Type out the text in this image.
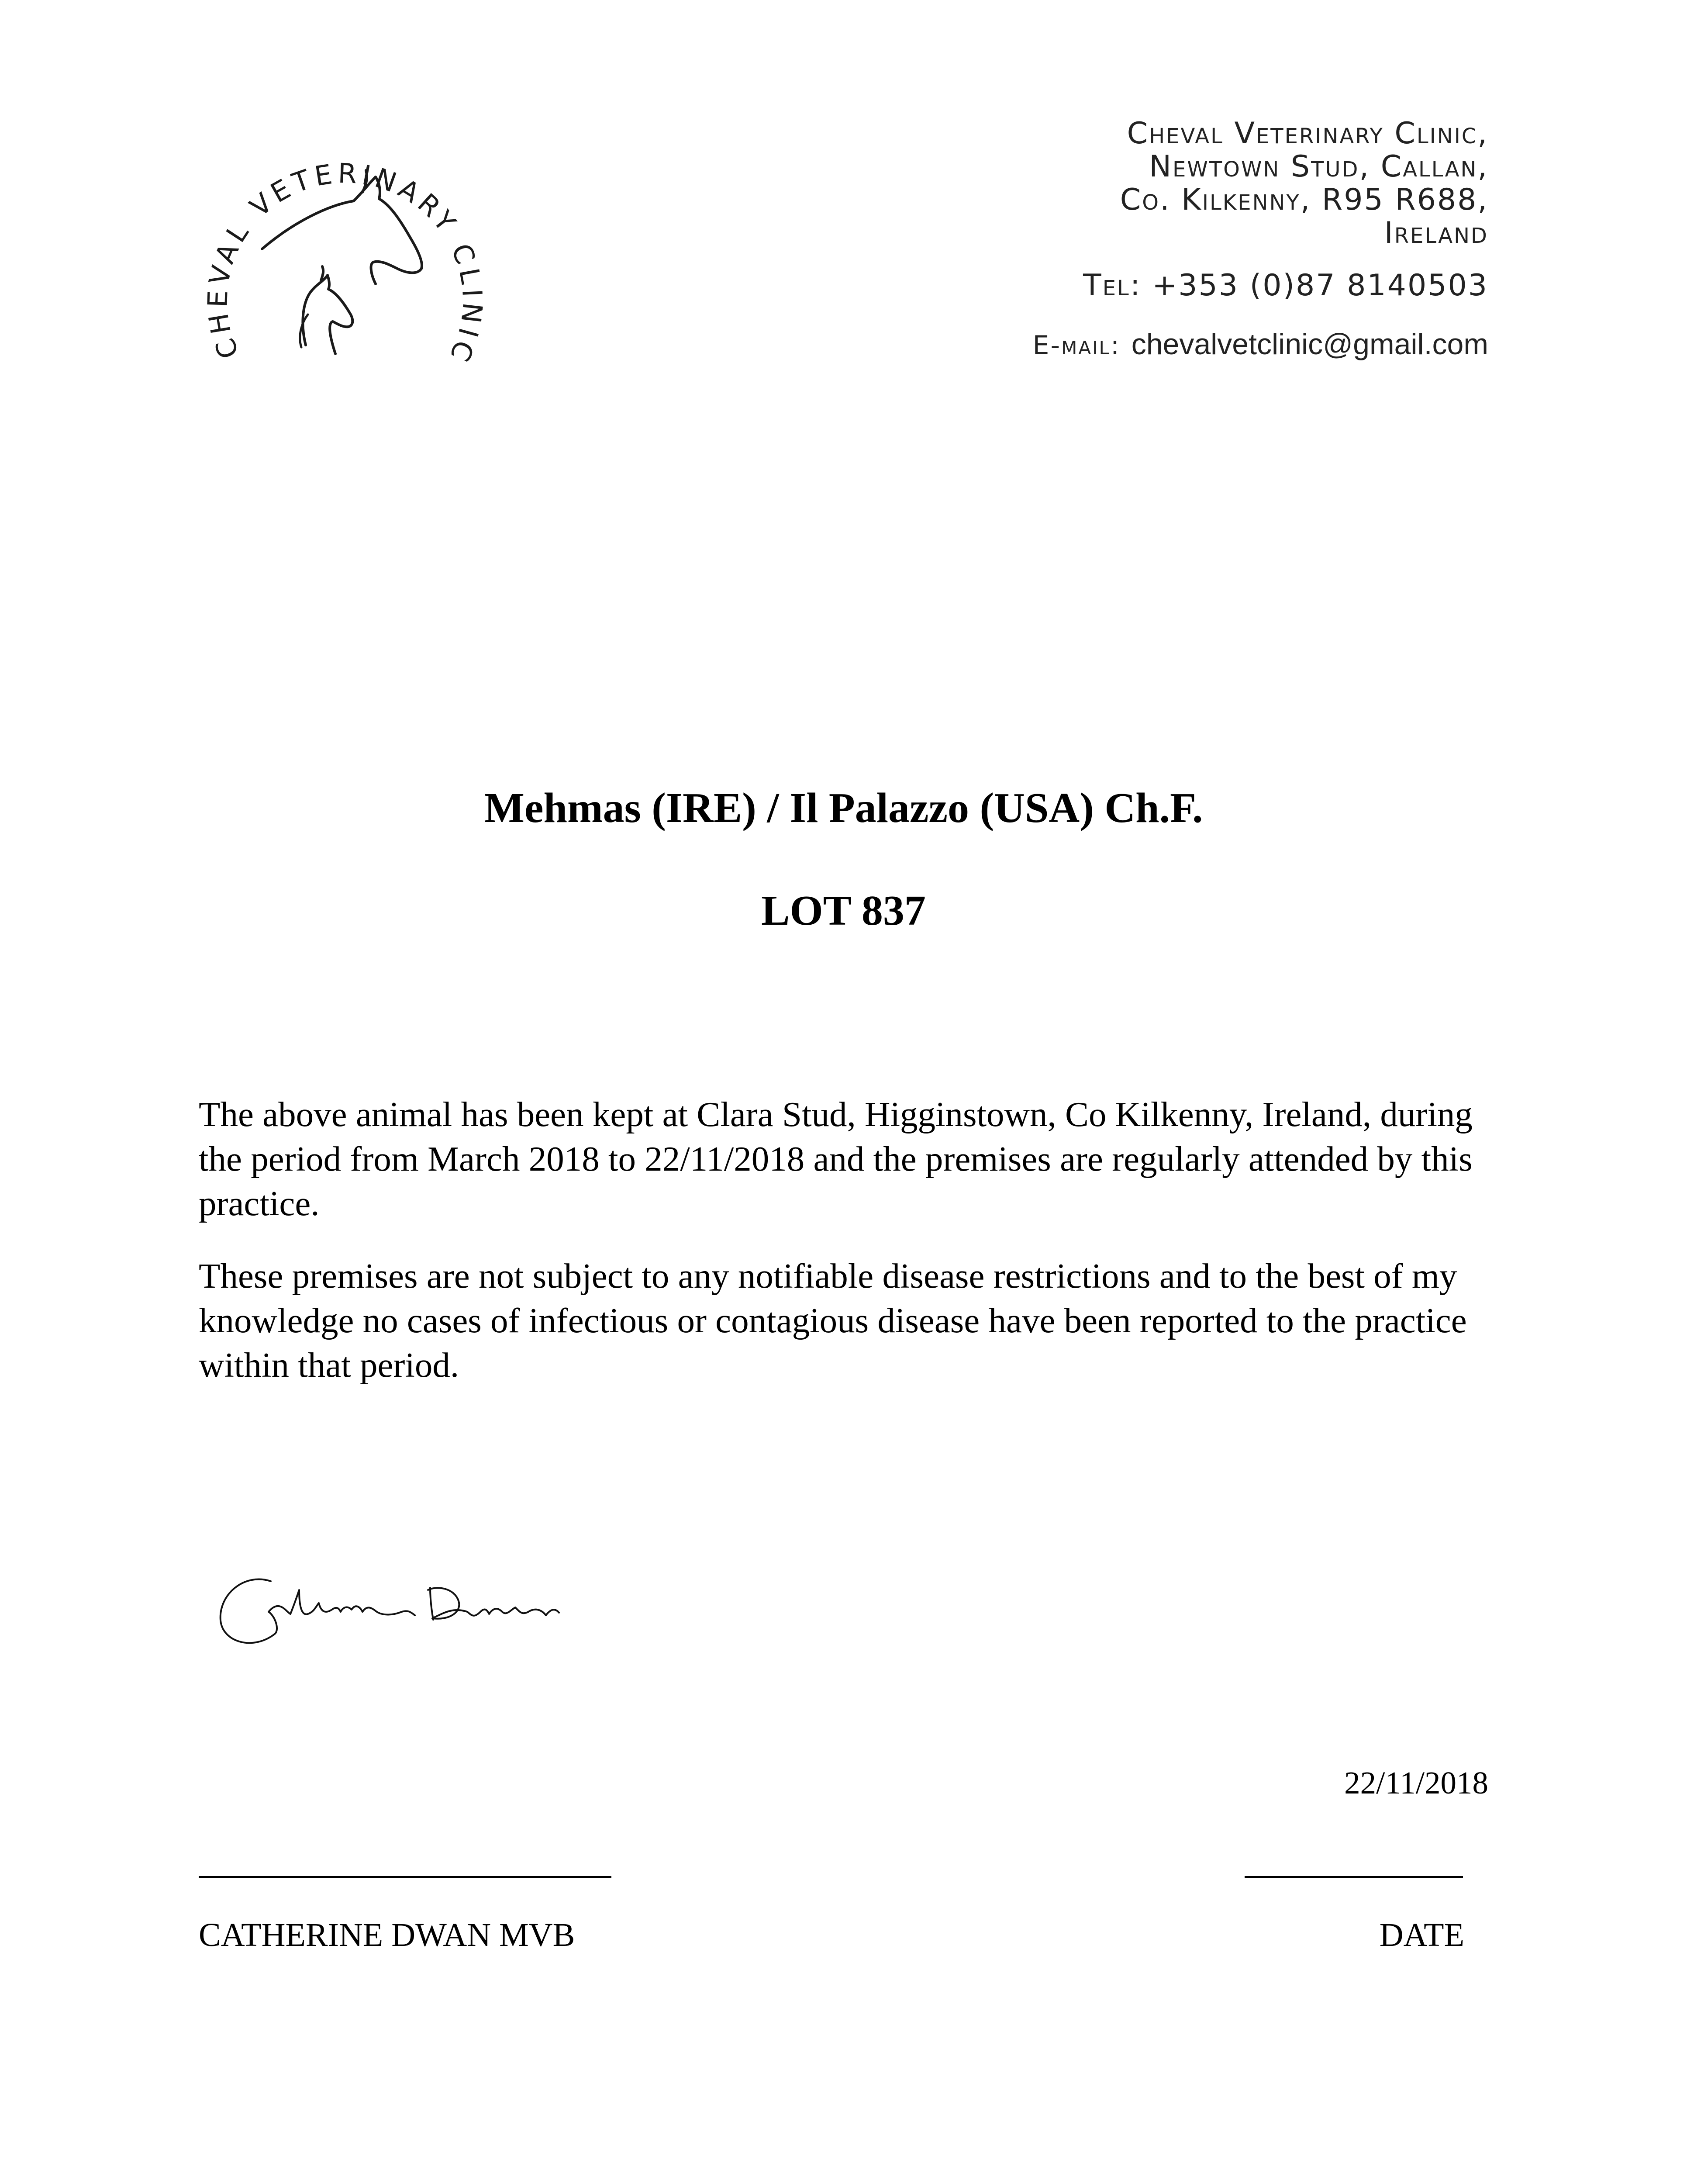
CHEVAL VETERINARY CLINIC
Cheval Veterinary Clinic,
Newtown Stud, Callan,
Co. Kilkenny, R95 R688,
Ireland
Tel: +353 (0)87 8140503
E-mail: chevalvetclinic@gmail.com
Mehmas (IRE) / Il Palazzo (USA) Ch.F.
LOT 837
The above animal has been kept at Clara Stud, Higginstown, Co Kilkenny, Ireland, during the period from March 2018 to 22/11/2018 and the premises are regularly attended by this practice.
These premises are not subject to any notifiable disease restrictions and to the best of my knowledge no cases of infectious or contagious disease have been reported to the practice within that period.
22/11/2018
CATHERINE DWAN MVB	DATE
